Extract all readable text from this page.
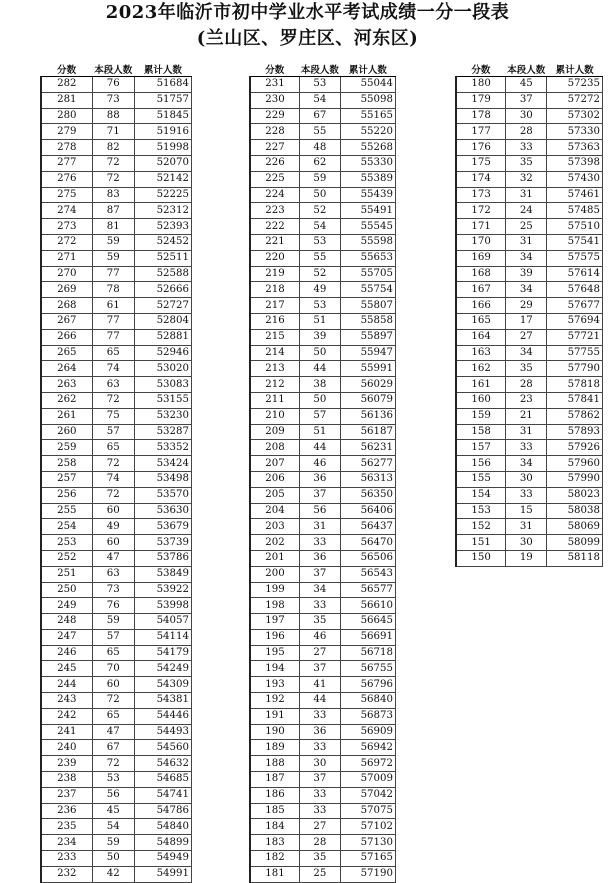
2023年临沂市初中学业水平考试成绩一分一段表
(兰山区、罗庄区、河东区)
分数	本段人数	累计人数
282	76	51684
281	73	51757
280	88	51845
279	71	51916
278	82	51998
277	72	52070
276	72	52142
275	83	52225
274	87	52312
273	81	52393
272	59	52452
271	59	52511
270	77	52588
269	78	52666
268	61	52727
267	77	52804
266	77	52881
265	65	52946
264	74	53020
263	63	53083
262	72	53155
261	75	53230
260	57	53287
259	65	53352
258	72	53424
257	74	53498
256	72	53570
255	60	53630
254	49	53679
253	60	53739
252	47	53786
251	63	53849
250	73	53922
249	76	53998
248	59	54057
247	57	54114
246	65	54179
245	70	54249
244	60	54309
243	72	54381
242	65	54446
241	47	54493
240	67	54560
239	72	54632
238	53	54685
237	56	54741
236	45	54786
235	54	54840
234	59	54899
233	50	54949
232	42	54991
分数	本段人数	累计人数
231	53	55044
230	54	55098
229	67	55165
228	55	55220
227	48	55268
226	62	55330
225	59	55389
224	50	55439
223	52	55491
222	54	55545
221	53	55598
220	55	55653
219	52	55705
218	49	55754
217	53	55807
216	51	55858
215	39	55897
214	50	55947
213	44	55991
212	38	56029
211	50	56079
210	57	56136
209	51	56187
208	44	56231
207	46	56277
206	36	56313
205	37	56350
204	56	56406
203	31	56437
202	33	56470
201	36	56506
200	37	56543
199	34	56577
198	33	56610
197	35	56645
196	46	56691
195	27	56718
194	37	56755
193	41	56796
192	44	56840
191	33	56873
190	36	56909
189	33	56942
188	30	56972
187	37	57009
186	33	57042
185	33	57075
184	27	57102
183	28	57130
182	35	57165
181	25	57190
分数	本段人数	累计人数
180	45	57235
179	37	57272
178	30	57302
177	28	57330
176	33	57363
175	35	57398
174	32	57430
173	31	57461
172	24	57485
171	25	57510
170	31	57541
169	34	57575
168	39	57614
167	34	57648
166	29	57677
165	17	57694
164	27	57721
163	34	57755
162	35	57790
161	28	57818
160	23	57841
159	21	57862
158	31	57893
157	33	57926
156	34	57960
155	30	57990
154	33	58023
153	15	58038
152	31	58069
151	30	58099
150	19	58118
